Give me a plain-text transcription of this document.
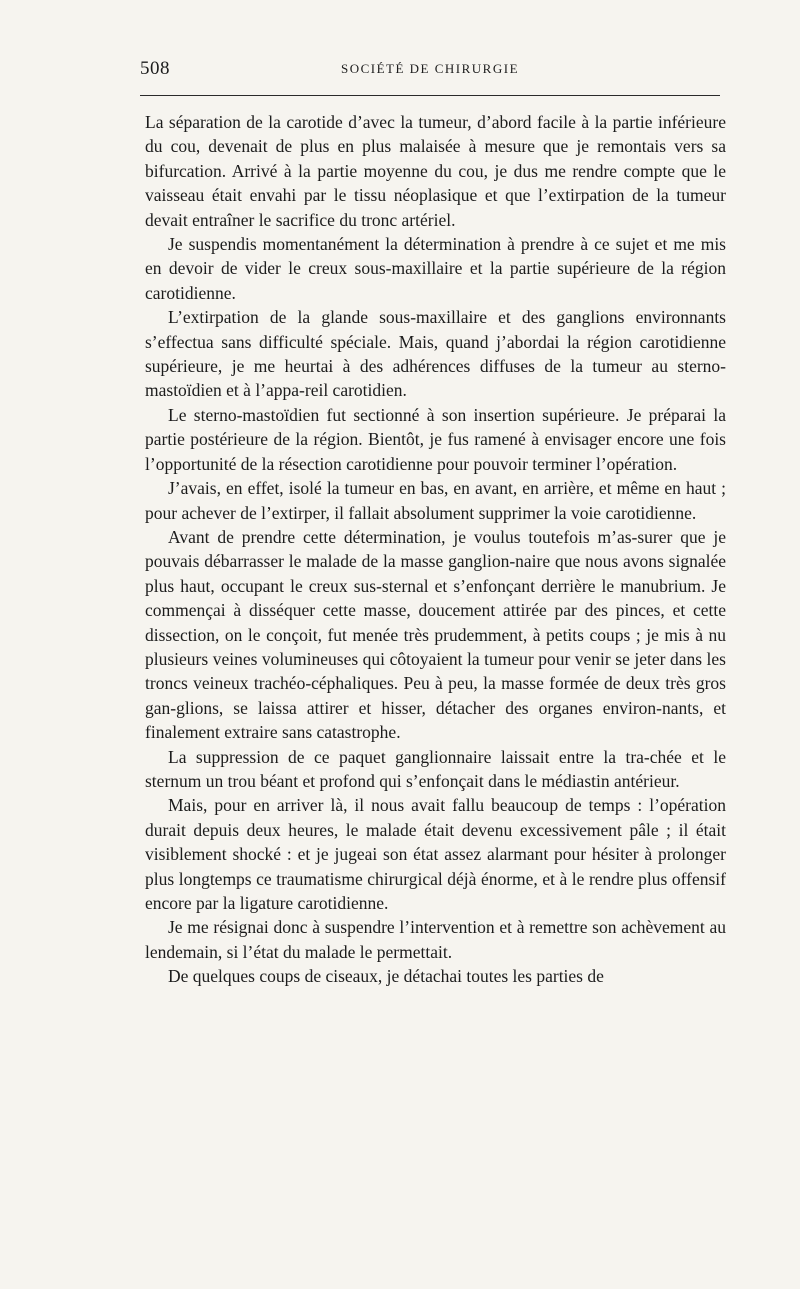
508	SOCIÉTÉ DE CHIRURGIE

La séparation de la carotide d’avec la tumeur, d’abord facile à la partie inférieure du cou, devenait de plus en plus malaisée à mesure que je remontais vers sa bifurcation. Arrivé à la partie moyenne du cou, je dus me rendre compte que le vaisseau était envahi par le tissu néoplasique et que l’extirpation de la tumeur devait entraîner le sacrifice du tronc artériel.

Je suspendis momentanément la détermination à prendre à ce sujet et me mis en devoir de vider le creux sous-maxillaire et la partie supérieure de la région carotidienne.

L’extirpation de la glande sous-maxillaire et des ganglions environnants s’effectua sans difficulté spéciale. Mais, quand j’abordai la région carotidienne supérieure, je me heurtai à des adhérences diffuses de la tumeur au sterno-mastoïdien et à l’appa-reil carotidien.

Le sterno-mastoïdien fut sectionné à son insertion supérieure. Je préparai la partie postérieure de la région. Bientôt, je fus ramené à envisager encore une fois l’opportunité de la résection carotidienne pour pouvoir terminer l’opération.

J’avais, en effet, isolé la tumeur en bas, en avant, en arrière, et même en haut ; pour achever de l’extirper, il fallait absolument supprimer la voie carotidienne.

Avant de prendre cette détermination, je voulus toutefois m’as-surer que je pouvais débarrasser le malade de la masse ganglion-naire que nous avons signalée plus haut, occupant le creux sus-sternal et s’enfonçant derrière le manubrium. Je commençai à disséquer cette masse, doucement attirée par des pinces, et cette dissection, on le conçoit, fut menée très prudemment, à petits coups ; je mis à nu plusieurs veines volumineuses qui côtoyaient la tumeur pour venir se jeter dans les troncs veineux trachéo-céphaliques. Peu à peu, la masse formée de deux très gros gan-glions, se laissa attirer et hisser, détacher des organes environ-nants, et finalement extraire sans catastrophe.

La suppression de ce paquet ganglionnaire laissait entre la tra-chée et le sternum un trou béant et profond qui s’enfonçait dans le médiastin antérieur.

Mais, pour en arriver là, il nous avait fallu beaucoup de temps : l’opération durait depuis deux heures, le malade était devenu excessivement pâle ; il était visiblement shocké : et je jugeai son état assez alarmant pour hésiter à prolonger plus longtemps ce traumatisme chirurgical déjà énorme, et à le rendre plus offensif encore par la ligature carotidienne.

Je me résignai donc à suspendre l’intervention et à remettre son achèvement au lendemain, si l’état du malade le permettait.

De quelques coups de ciseaux, je détachai toutes les parties de
